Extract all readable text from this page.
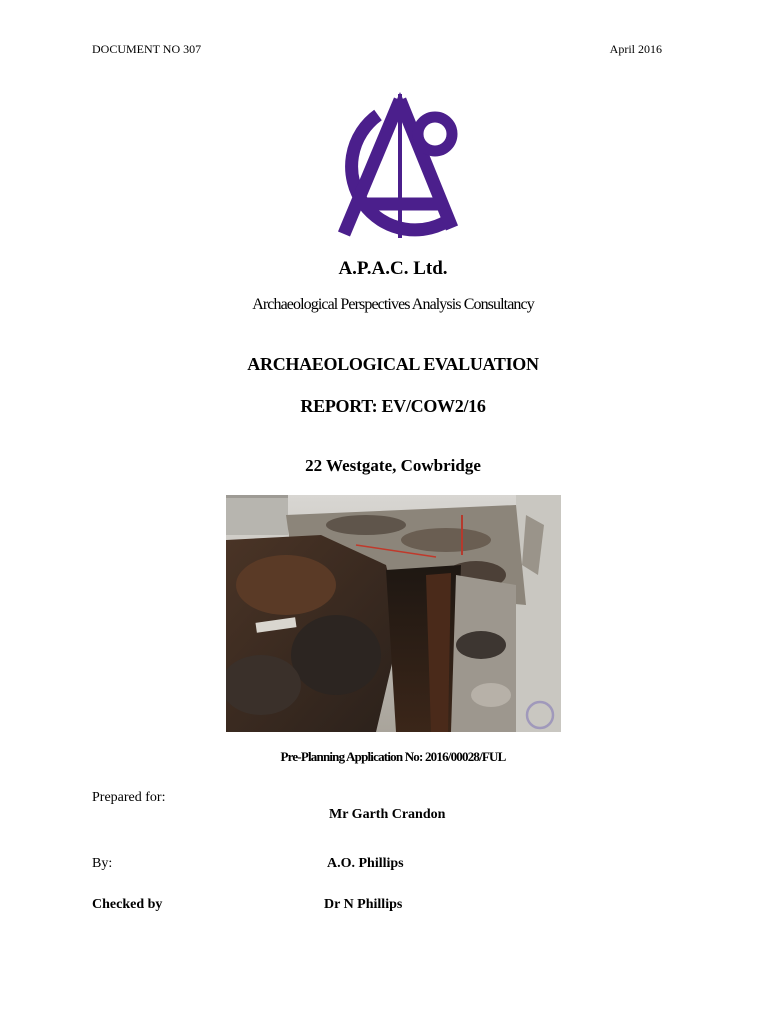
DOCUMENT NO 307	April 2016
A.P.A.C. Ltd.
Archaeological Perspectives Analysis Consultancy
ARCHAEOLOGICAL EVALUATION
REPORT: EV/COW2/16
22 Westgate, Cowbridge
Pre-Planning Application No: 2016/00028/FUL
Prepared for:
Mr Garth Crandon
By:	A.O. Phillips
Checked by	Dr N Phillips
